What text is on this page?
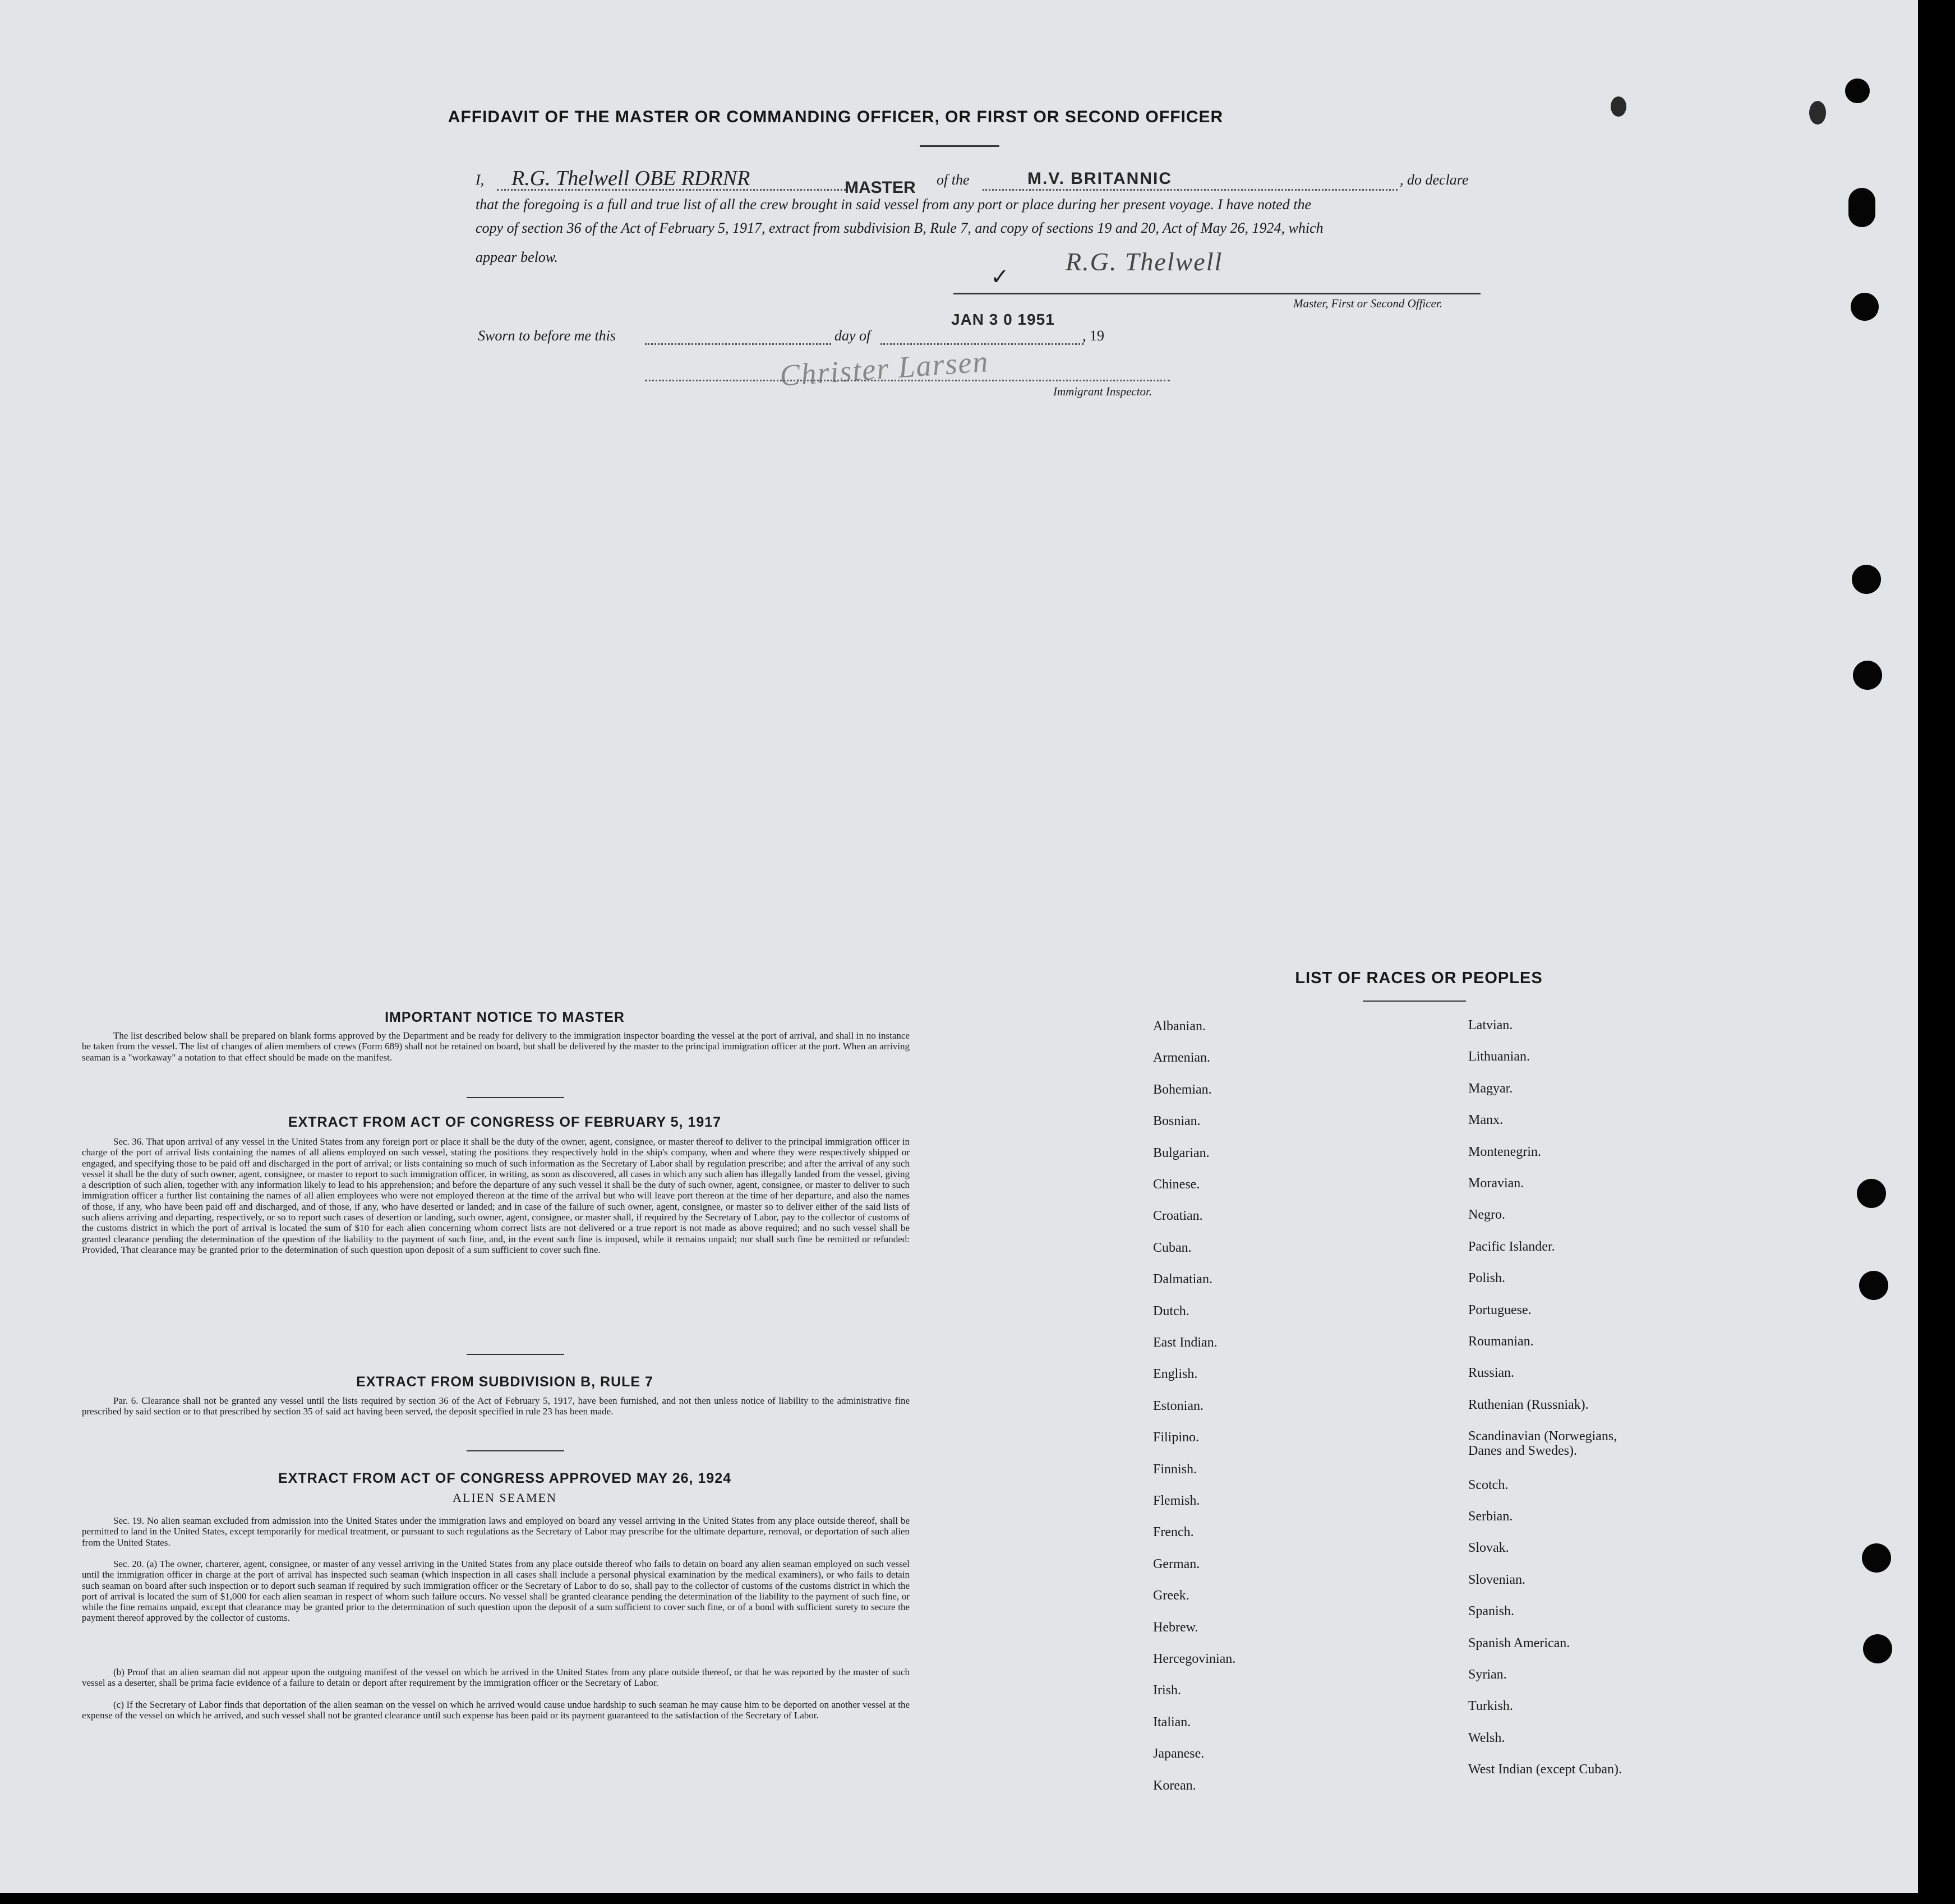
AFFIDAVIT OF THE MASTER OR COMMANDING OFFICER, OR FIRST OR SECOND OFFICER
I, R.G. Thelwell OBE RDRNR	MASTER of the	M.V. BRITANNIC	, do declare
that the foregoing is a full and true list of all the crew brought in said vessel from any port or place during her present voyage. I have noted the
copy of section 36 of the Act of February 5, 1917, extract from subdivision B, Rule 7, and copy of sections 19 and 20, Act of May 26, 1924, which
appear below.
✓
R.G. Thelwell
Master, First or Second Officer.
Sworn to before me this	day of
JAN 3 0 1951
, 19
Christer Larsen	Immigrant Inspector.
IMPORTANT NOTICE TO MASTER

The list described below shall be prepared on blank forms approved by the Department and be ready for delivery to the immigration inspector boarding the vessel at the port of arrival, and shall in no instance be taken from the vessel. The list of changes of alien members of crews (Form 689) shall not be retained on board, but shall be delivered by the master to the principal immigration officer at the port. When an arriving seaman is a "workaway" a notation to that effect should be made on the manifest.

EXTRACT FROM ACT OF CONGRESS OF FEBRUARY 5, 1917

Sec. 36. That upon arrival of any vessel in the United States from any foreign port or place it shall be the duty of the owner, agent, consignee, or master thereof to deliver to the principal immigration officer in charge of the port of arrival lists containing the names of all aliens employed on such vessel, stating the positions they respectively hold in the ship's company, when and where they were respectively shipped or engaged, and specifying those to be paid off and discharged in the port of arrival; or lists containing so much of such information as the Secretary of Labor shall by regulation prescribe; and after the arrival of any such vessel it shall be the duty of such owner, agent, consignee, or master to report to such immigration officer, in writing, as soon as discovered, all cases in which any such alien has illegally landed from the vessel, giving a description of such alien, together with any information likely to lead to his apprehension; and before the departure of any such vessel it shall be the duty of such owner, agent, consignee, or master to deliver to such immigration officer a further list containing the names of all alien employees who were not employed thereon at the time of the arrival but who will leave port thereon at the time of her departure, and also the names of those, if any, who have been paid off and discharged, and of those, if any, who have deserted or landed; and in case of the failure of such owner, agent, consignee, or master so to deliver either of the said lists of such aliens arriving and departing, respectively, or so to report such cases of desertion or landing, such owner, agent, consignee, or master shall, if required by the Secretary of Labor, pay to the collector of customs of the customs district in which the port of arrival is located the sum of $10 for each alien concerning whom correct lists are not delivered or a true report is not made as above required; and no such vessel shall be granted clearance pending the determination of the question of the liability to the payment of such fine, and, in the event such fine is imposed, while it remains unpaid; nor shall such fine be remitted or refunded: Provided, That clearance may be granted prior to the determination of such question upon deposit of a sum sufficient to cover such fine.

EXTRACT FROM SUBDIVISION B, RULE 7

Par. 6. Clearance shall not be granted any vessel until the lists required by section 36 of the Act of February 5, 1917, have been furnished, and not then unless notice of liability to the administrative fine prescribed by said section or to that prescribed by section 35 of said act having been served, the deposit specified in rule 23 has been made.

EXTRACT FROM ACT OF CONGRESS APPROVED MAY 26, 1924
ALIEN SEAMEN

Sec. 19. No alien seaman excluded from admission into the United States under the immigration laws and employed on board any vessel arriving in the United States from any place outside thereof, shall be permitted to land in the United States, except temporarily for medical treatment, or pursuant to such regulations as the Secretary of Labor may prescribe for the ultimate departure, removal, or deportation of such alien from the United States.

Sec. 20. (a) The owner, charterer, agent, consignee, or master of any vessel arriving in the United States from any place outside thereof who fails to detain on board any alien seaman employed on such vessel until the immigration officer in charge at the port of arrival has inspected such seaman (which inspection in all cases shall include a personal physical examination by the medical examiners), or who fails to detain such seaman on board after such inspection or to deport such seaman if required by such immigration officer or the Secretary of Labor to do so, shall pay to the collector of customs of the customs district in which the port of arrival is located the sum of $1,000 for each alien seaman in respect of whom such failure occurs. No vessel shall be granted clearance pending the determination of the liability to the payment of such fine, or while the fine remains unpaid, except that clearance may be granted prior to the determination of such question upon the deposit of a sum sufficient to cover such fine, or of a bond with sufficient surety to secure the payment thereof approved by the collector of customs.

(b) Proof that an alien seaman did not appear upon the outgoing manifest of the vessel on which he arrived in the United States from any place outside thereof, or that he was reported by the master of such vessel as a deserter, shall be prima facie evidence of a failure to detain or deport after requirement by the immigration officer or the Secretary of Labor.

(c) If the Secretary of Labor finds that deportation of the alien seaman on the vessel on which he arrived would cause undue hardship to such seaman he may cause him to be deported on another vessel at the expense of the vessel on which he arrived, and such vessel shall not be granted clearance until such expense has been paid or its payment guaranteed to the satisfaction of the Secretary of Labor.

LIST OF RACES OR PEOPLES
Albanian.
Armenian.
Bohemian.
Bosnian.
Bulgarian.
Chinese.
Croatian.
Cuban.
Dalmatian.
Dutch.
East Indian.
English.
Estonian.
Filipino.
Finnish.
Flemish.
French.
German.
Greek.
Hebrew.
Hercegovinian.
Irish.
Italian.
Japanese.
Korean.
Latvian.
Lithuanian.
Magyar.
Manx.
Montenegrin.
Moravian.
Negro.
Pacific Islander.
Polish.
Portuguese.
Roumanian.
Russian.
Ruthenian (Russniak).
Scandinavian (Norwegians,
Danes and Swedes).
Scotch.
Serbian.
Slovak.
Slovenian.
Spanish.
Spanish American.
Syrian.
Turkish.
Welsh.
West Indian (except Cuban).
